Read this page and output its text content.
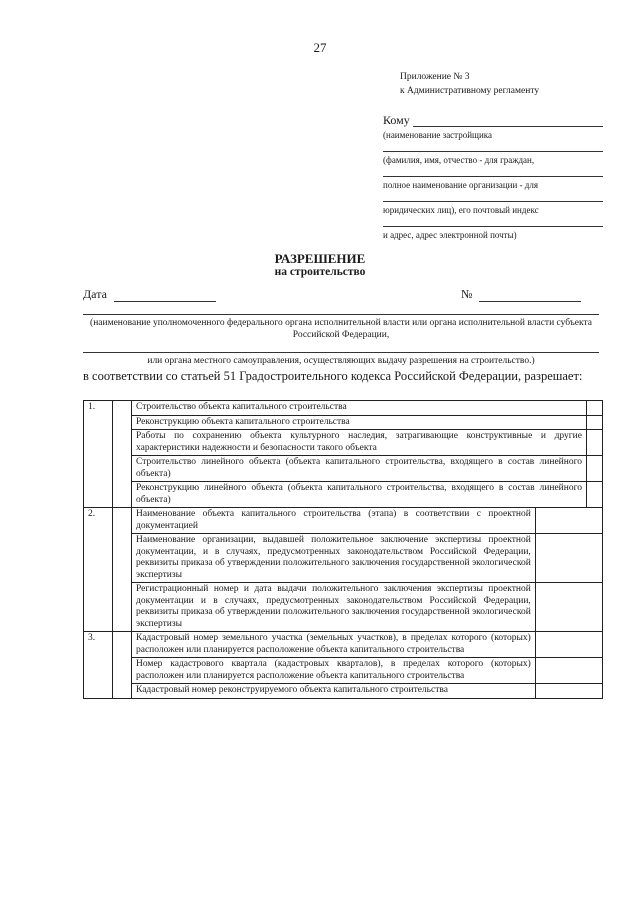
27
Приложение № 3
к Административному регламенту
Кому
(наименование застройщика
(фамилия, имя, отчество - для граждан,
полное наименование организации - для
юридических лиц), его почтовый индекс
и адрес, адрес электронной почты)
РАЗРЕШЕНИЕ
на строительство
Дата	№
(наименование уполномоченного федерального органа исполнительной власти или органа исполнительной власти субъекта Российской Федерации,
или органа местного самоуправления, осуществляющих выдачу разрешения на строительство.)
в соответствии со статьей 51 Градостроительного кодекса Российской Федерации, разрешает:
1.		Строительство объекта капитального строительства		
		Реконструкцию объекта капитального строительства		
		Работы по сохранению объекта культурного наследия, затрагивающие конструктивные и другие характеристики надежности и безопасности такого объекта		
		Строительство линейного объекта (объекта капитального строительства, входящего в состав линейного объекта)		
		Реконструкцию линейного объекта (объекта капитального строительства, входящего в состав линейного объекта)		
2.		Наименование объекта капитального строительства (этапа) в соответствии с проектной документацией		
		Наименование организации, выдавшей положительное заключение экспертизы проектной документации, и в случаях, предусмотренных законодательством Российской Федерации, реквизиты приказа об утверждении положительного заключения государственной экологической экспертизы		
		Регистрационный номер и дата выдачи положительного заключения экспертизы проектной документации и в случаях, предусмотренных законодательством Российской Федерации, реквизиты приказа об утверждении положительного заключения государственной экологической экспертизы		
3.		Кадастровый номер земельного участка (земельных участков), в пределах которого (которых) расположен или планируется расположение объекта капитального строительства		
		Номер кадастрового квартала (кадастровых кварталов), в пределах которого (которых) расположен или планируется расположение объекта капитального строительства		
		Кадастровый номер реконструируемого объекта капитального строительства		
